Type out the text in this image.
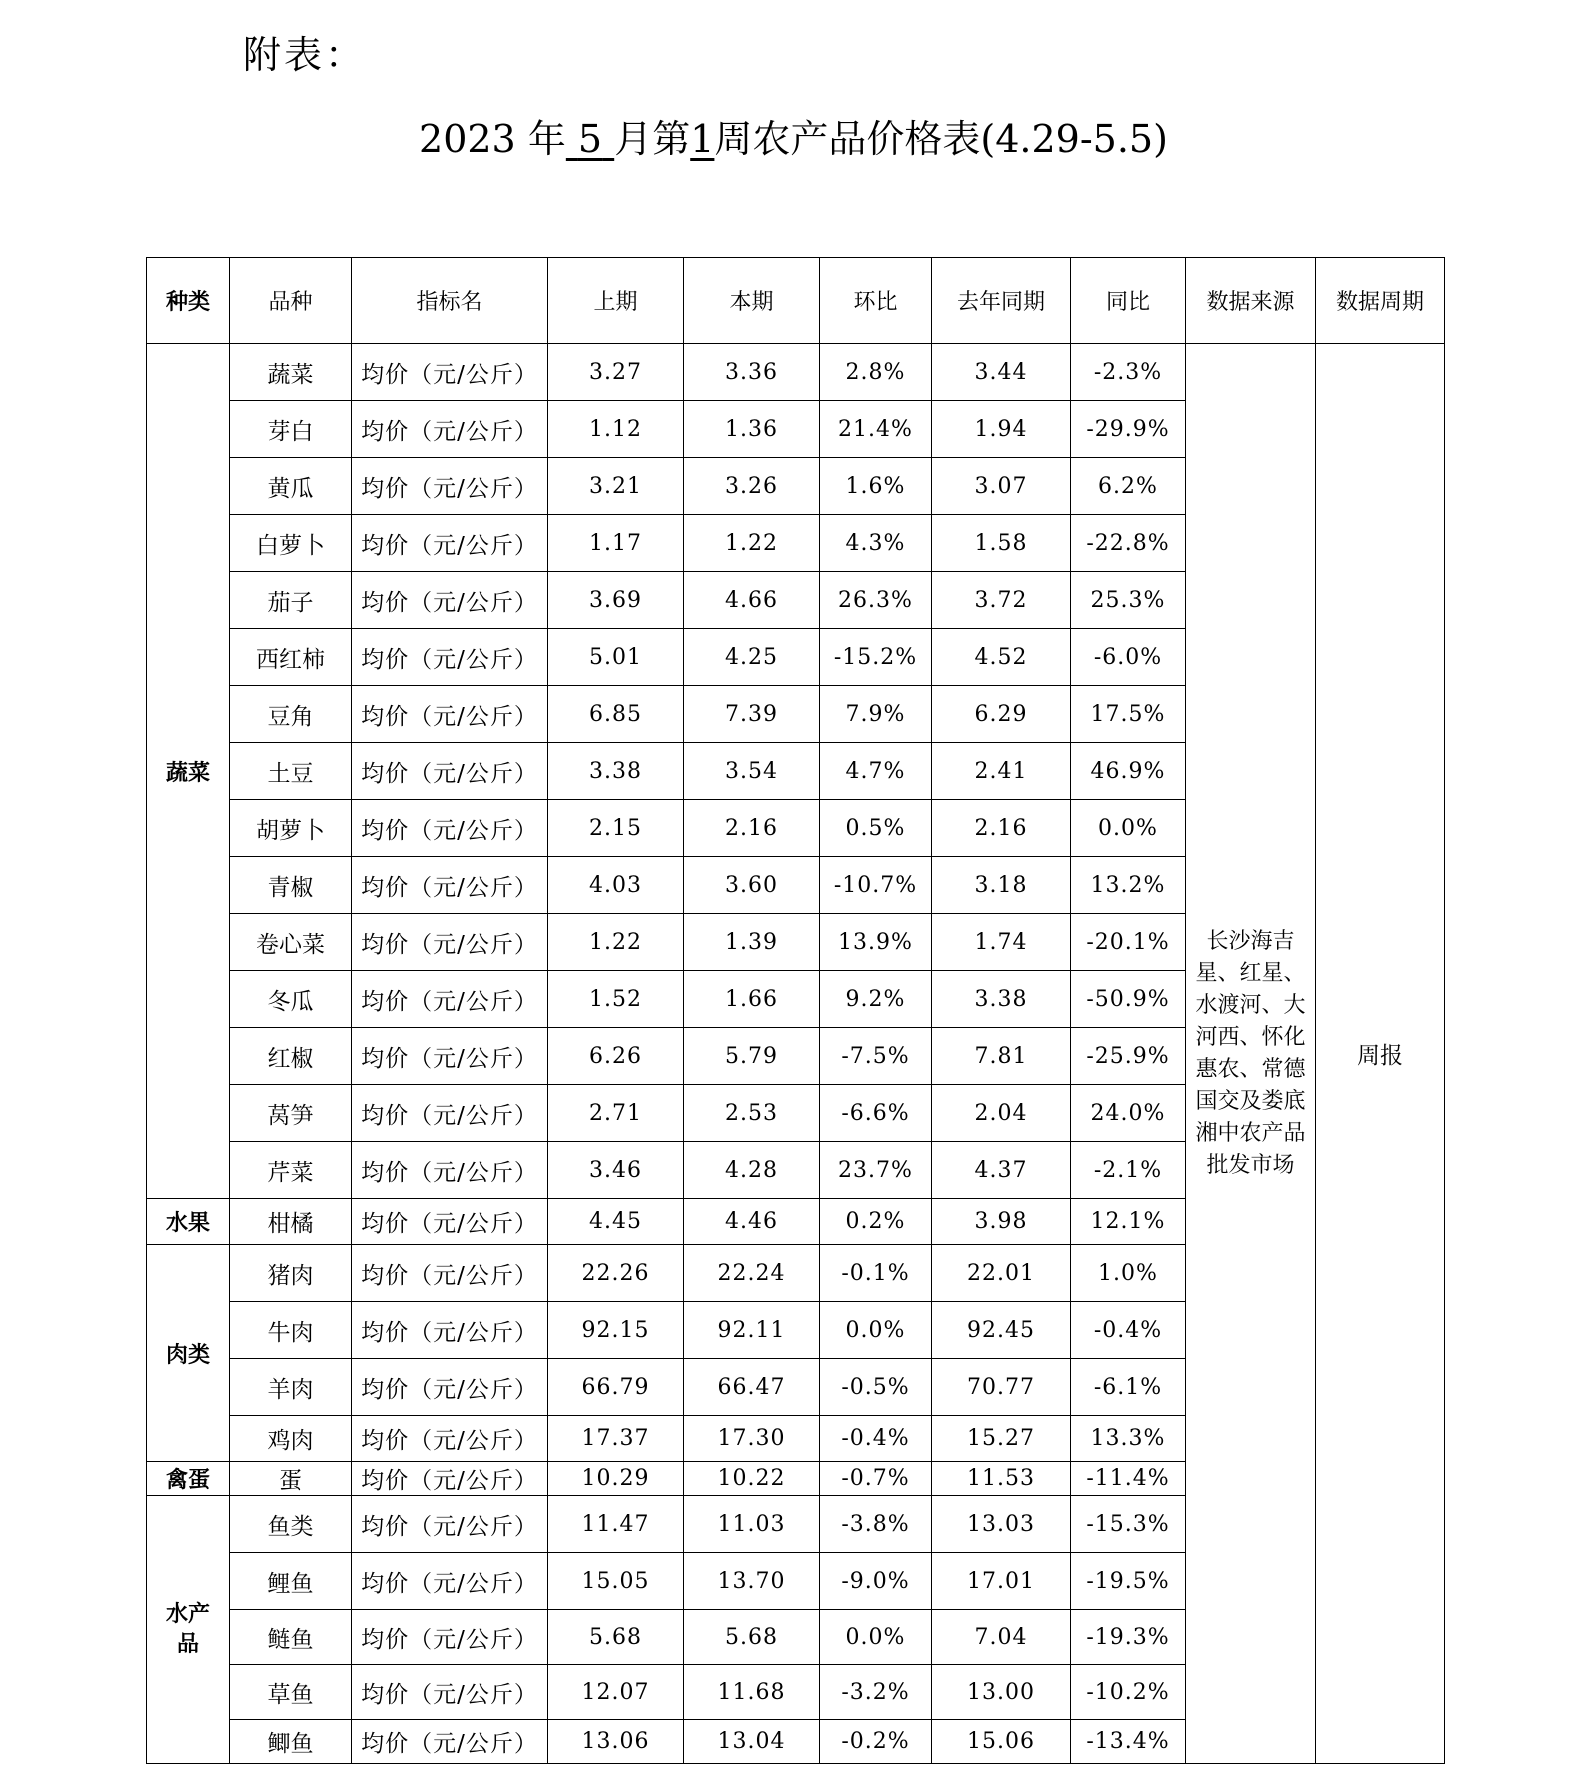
附表：
2023 年 5 月第1周农产品价格表(4.29-5.5)
种类	品种	指标名	上期	本期	环比	去年同期	同比	数据来源	数据周期
蔬菜	蔬菜	均价（元/公斤）	3.27	3.36	2.8%	3.44	-2.3%	长沙海吉星、红星、水渡河、大河西、怀化惠农、常德国交及娄底湘中农产品批发市场	周报
	芽白	均价（元/公斤）	1.12	1.36	21.4%	1.94	-29.9%		
	黄瓜	均价（元/公斤）	3.21	3.26	1.6%	3.07	6.2%		
	白萝卜	均价（元/公斤）	1.17	1.22	4.3%	1.58	-22.8%		
	茄子	均价（元/公斤）	3.69	4.66	26.3%	3.72	25.3%		
	西红柿	均价（元/公斤）	5.01	4.25	-15.2%	4.52	-6.0%		
	豆角	均价（元/公斤）	6.85	7.39	7.9%	6.29	17.5%		
	土豆	均价（元/公斤）	3.38	3.54	4.7%	2.41	46.9%		
	胡萝卜	均价（元/公斤）	2.15	2.16	0.5%	2.16	0.0%		
	青椒	均价（元/公斤）	4.03	3.60	-10.7%	3.18	13.2%		
	卷心菜	均价（元/公斤）	1.22	1.39	13.9%	1.74	-20.1%		
	冬瓜	均价（元/公斤）	1.52	1.66	9.2%	3.38	-50.9%		
	红椒	均价（元/公斤）	6.26	5.79	-7.5%	7.81	-25.9%		
	莴笋	均价（元/公斤）	2.71	2.53	-6.6%	2.04	24.0%		
	芹菜	均价（元/公斤）	3.46	4.28	23.7%	4.37	-2.1%		
水果	柑橘	均价（元/公斤）	4.45	4.46	0.2%	3.98	12.1%		
肉类	猪肉	均价（元/公斤）	22.26	22.24	-0.1%	22.01	1.0%		
	牛肉	均价（元/公斤）	92.15	92.11	0.0%	92.45	-0.4%		
	羊肉	均价（元/公斤）	66.79	66.47	-0.5%	70.77	-6.1%		
	鸡肉	均价（元/公斤）	17.37	17.30	-0.4%	15.27	13.3%		
禽蛋	蛋	均价（元/公斤）	10.29	10.22	-0.7%	11.53	-11.4%		
水产品	鱼类	均价（元/公斤）	11.47	11.03	-3.8%	13.03	-15.3%		
	鲤鱼	均价（元/公斤）	15.05	13.70	-9.0%	17.01	-19.5%		
	鲢鱼	均价（元/公斤）	5.68	5.68	0.0%	7.04	-19.3%		
	草鱼	均价（元/公斤）	12.07	11.68	-3.2%	13.00	-10.2%		
	鲫鱼	均价（元/公斤）	13.06	13.04	-0.2%	15.06	-13.4%		
